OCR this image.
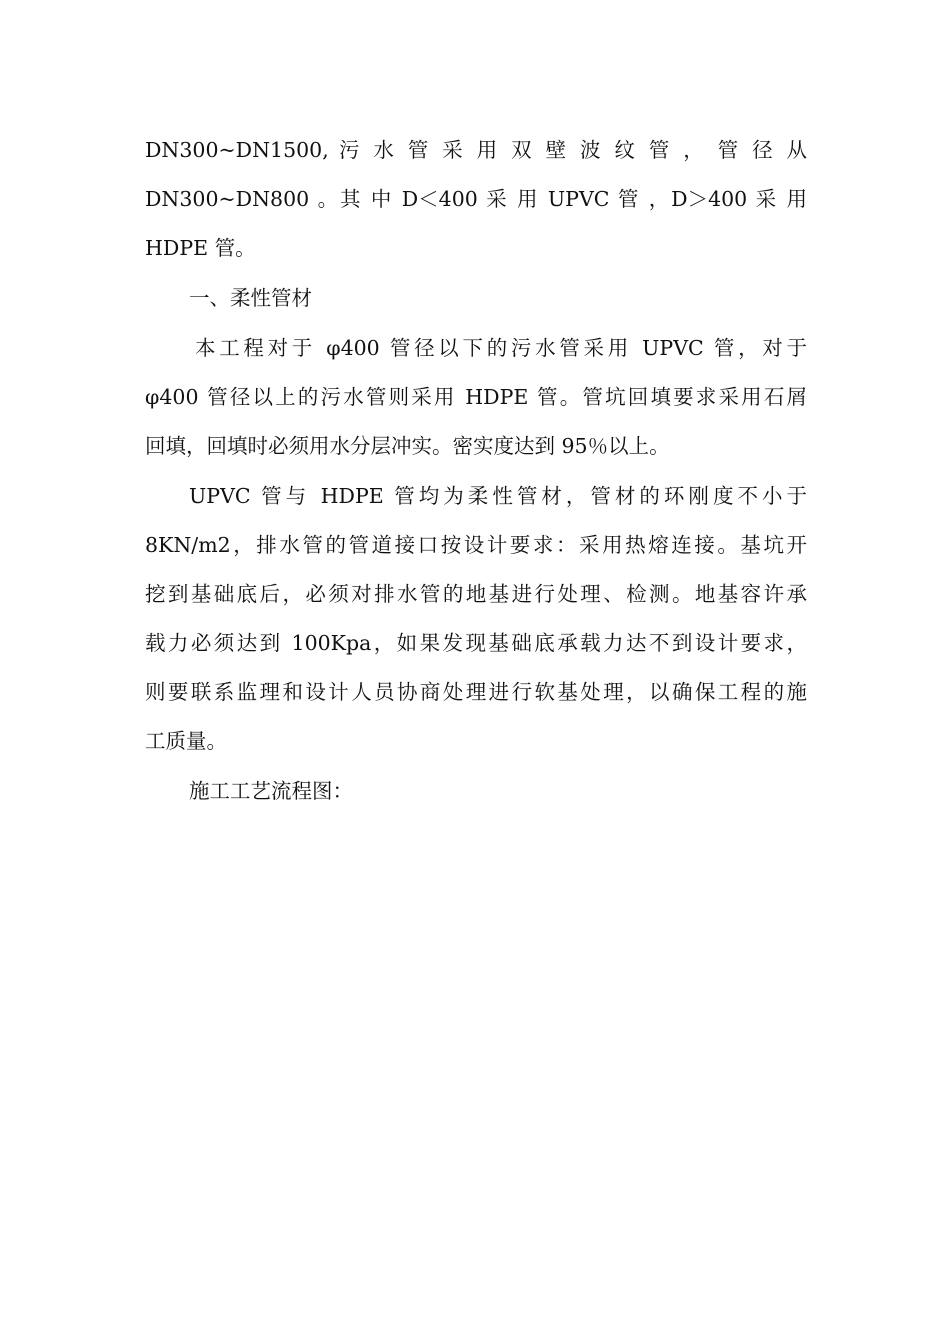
DN300~DN1500, 污 水 管 采 用 双 壁 波 纹 管 ， 管 径 从
DN300~DN800 。其 中 D＜400 采 用 UPVC 管 ，D＞400 采 用
HDPE 管。
一、柔性管材
本工程对于 φ400 管径以下的污水管采用 UPVC 管，对于
φ400 管径以上的污水管则采用 HDPE 管。管坑回填要求采用石屑
回填，回填时必须用水分层冲实。密实度达到 95％以上。
UPVC 管与 HDPE 管均为柔性管材，管材的环刚度不小于
8KN/m2，排水管的管道接口按设计要求：采用热熔连接。基坑开
挖到基础底后，必须对排水管的地基进行处理、检测。地基容许承
载力必须达到 100Kpa，如果发现基础底承载力达不到设计要求，
则要联系监理和设计人员协商处理进行软基处理，以确保工程的施
工质量。
施工工艺流程图：
